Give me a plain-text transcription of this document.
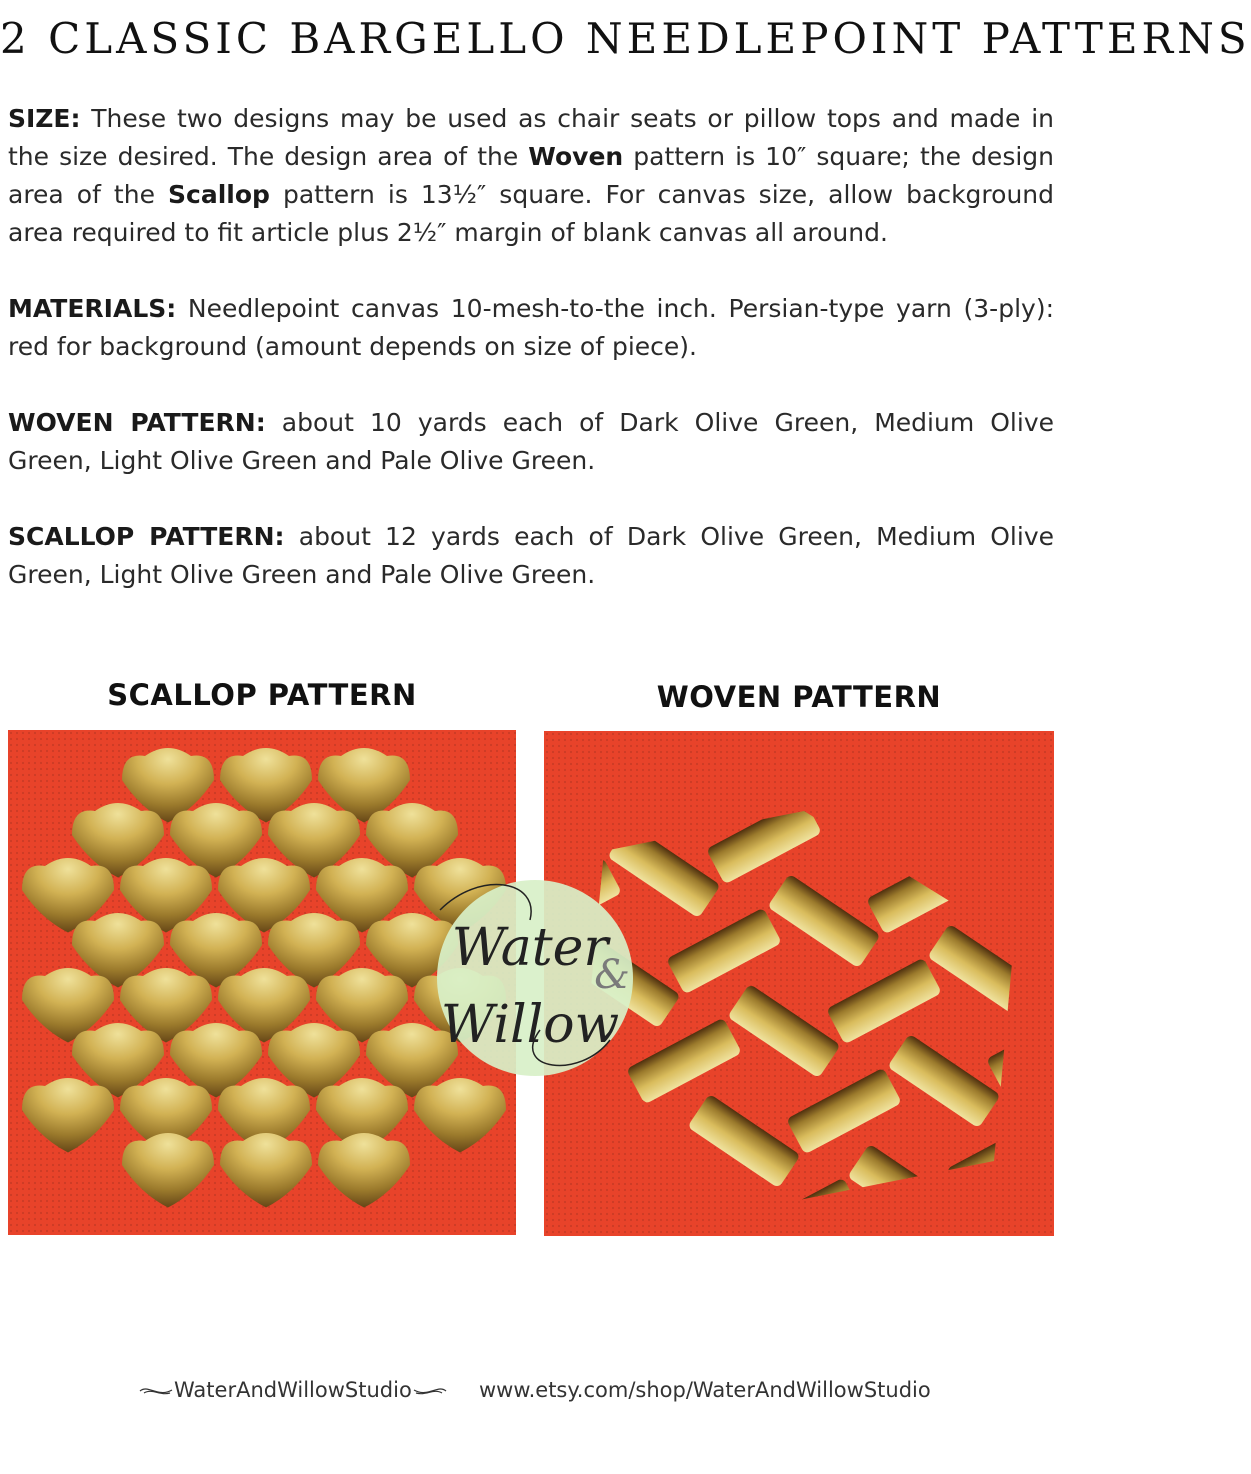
2 CLASSIC BARGELLO NEEDLEPOINT PATTERNS

SIZE: These two designs may be used as chair seats or pillow tops and made in the size desired. The design area of the Woven pattern is 10″ square; the design area of the Scallop pattern is 13½″ square. For canvas size, allow background area required to fit article plus 2½″ margin of blank canvas all around.

MATERIALS: Needlepoint canvas 10-mesh-to-the inch. Persian-type yarn (3-ply): red for background (amount depends on size of piece).

WOVEN PATTERN: about 10 yards each of Dark Olive Green, Medium Olive Green, Light Olive Green and Pale Olive Green.

SCALLOP PATTERN: about 12 yards each of Dark Olive Green, Medium Olive Green, Light Olive Green and Pale Olive Green.

SCALLOP PATTERN	WOVEN PATTERN
Water
&
Willow
WaterAndWillowStudio	www.etsy.com/shop/WaterAndWillowStudio
